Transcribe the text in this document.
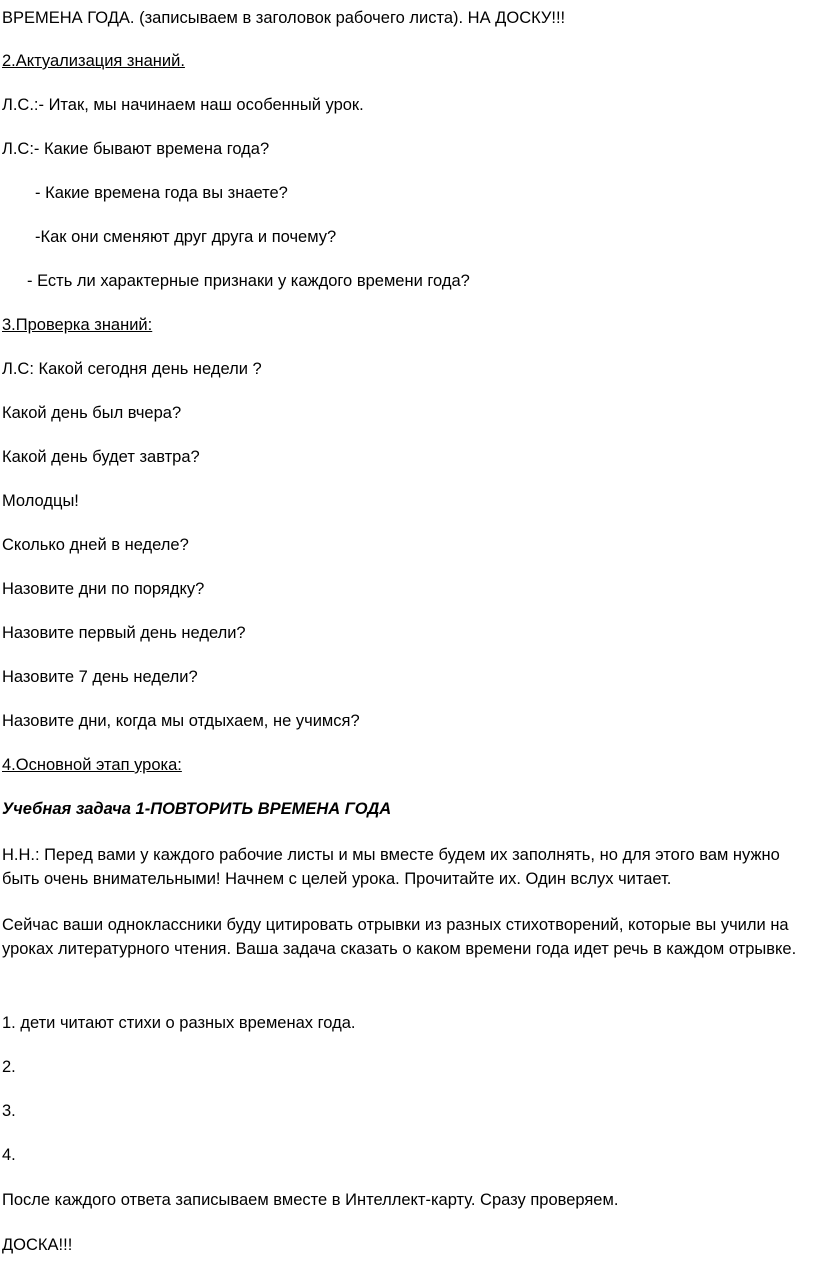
ВРЕМЕНА ГОДА. (записываем в заголовок рабочего листа). НА ДОСКУ!!!
2.Актуализация знаний.
Л.С.:- Итак, мы начинаем наш особенный урок.
Л.С:- Какие бывают времена года?
- Какие времена года вы знаете?
-Как они сменяют друг друга и почему?
- Есть ли характерные признаки у каждого времени года?
3.Проверка знаний:
Л.С: Какой сегодня день недели ?
Какой день был вчера?
Какой день будет завтра?
Молодцы!
Сколько дней в неделе?
Назовите дни по порядку?
Назовите первый день недели?
Назовите 7 день недели?
Назовите дни, когда мы отдыхаем, не учимся?
4.Основной этап урока:
Учебная задача 1-ПОВТОРИТЬ ВРЕМЕНА ГОДА
Н.Н.: Перед вами у каждого рабочие листы и мы вместе будем их заполнять, но для этого вам нужно быть очень внимательными! Начнем с целей урока. Прочитайте их. Один вслух читает.
Сейчас ваши одноклассники буду цитировать отрывки из разных стихотворений, которые вы учили на уроках литературного чтения. Ваша задача сказать о каком времени года идет речь в каждом отрывке.
1. дети читают стихи о разных временах года.
2.
3.
4.
После каждого ответа записываем вместе в Интеллект-карту. Сразу проверяем.
ДОСКА!!!
